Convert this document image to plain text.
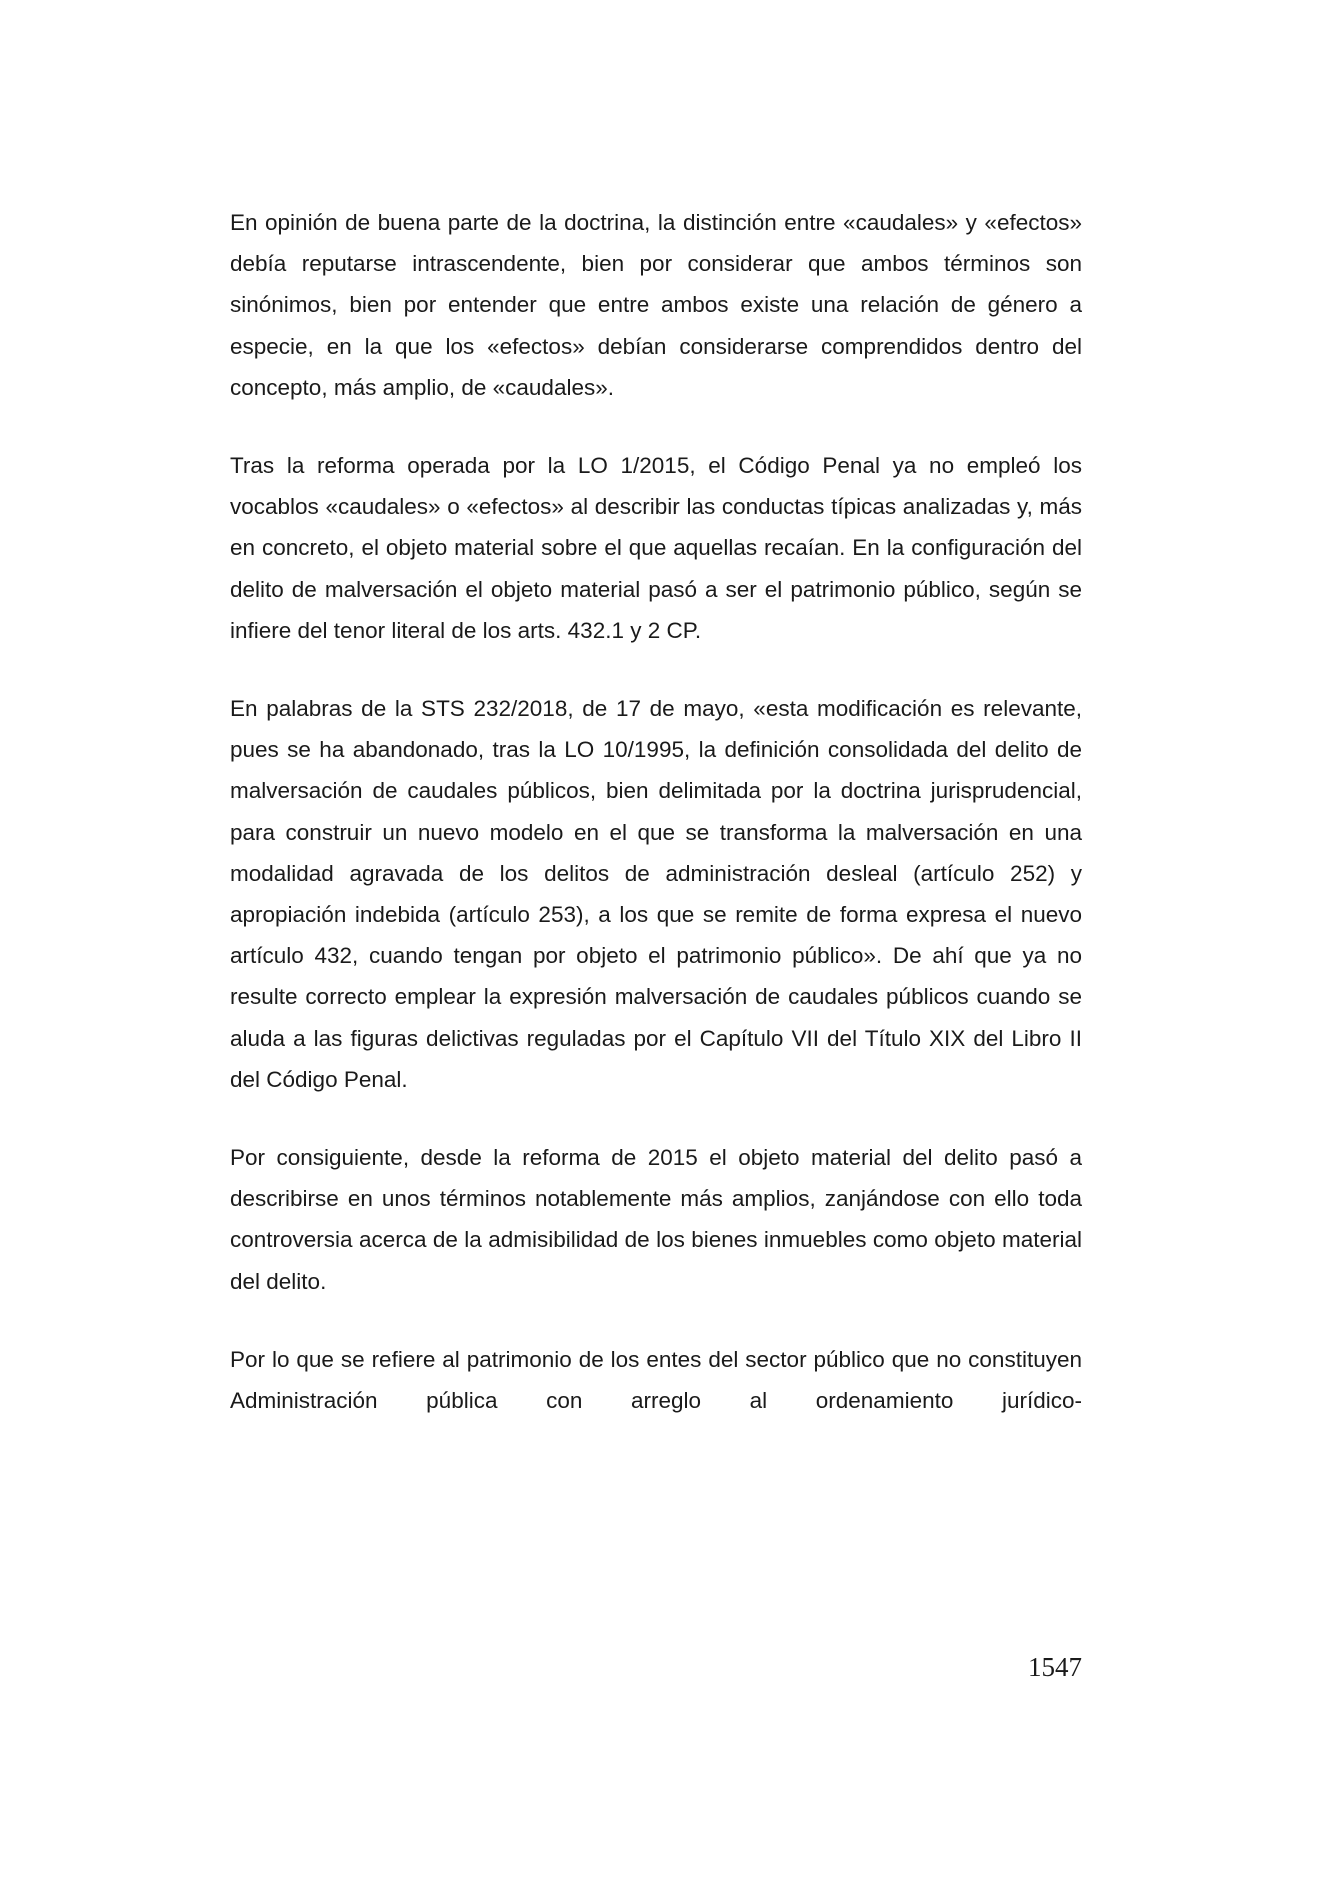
En opinión de buena parte de la doctrina, la distinción entre «caudales» y «efectos» debía reputarse intrascendente, bien por considerar que ambos términos son sinónimos, bien por entender que entre ambos existe una relación de género a especie, en la que los «efectos» debían considerarse comprendidos dentro del concepto, más amplio, de «caudales».

Tras la reforma operada por la LO 1/2015, el Código Penal ya no empleó los vocablos «caudales» o «efectos» al describir las conductas típicas analizadas y, más en concreto, el objeto material sobre el que aquellas recaían. En la configuración del delito de malversación el objeto material pasó a ser el patrimonio público, según se infiere del tenor literal de los arts. 432.1 y 2 CP.

En palabras de la STS 232/2018, de 17 de mayo, «esta modificación es relevante, pues se ha abandonado, tras la LO 10/1995, la definición consolidada del delito de malversación de caudales públicos, bien delimitada por la doctrina jurisprudencial, para construir un nuevo modelo en el que se transforma la malversación en una modalidad agravada de los delitos de administración desleal (artículo 252) y apropiación indebida (artículo 253), a los que se remite de forma expresa el nuevo artículo 432, cuando tengan por objeto el patrimonio público». De ahí que ya no resulte correcto emplear la expresión malversación de caudales públicos cuando se aluda a las figuras delictivas reguladas por el Capítulo VII del Título XIX del Libro II del Código Penal.

Por consiguiente, desde la reforma de 2015 el objeto material del delito pasó a describirse en unos términos notablemente más amplios, zanjándose con ello toda controversia acerca de la admisibilidad de los bienes inmuebles como objeto material del delito.

Por lo que se refiere al patrimonio de los entes del sector público que no constituyen Administración pública con arreglo al ordenamiento jurídico-

1547
